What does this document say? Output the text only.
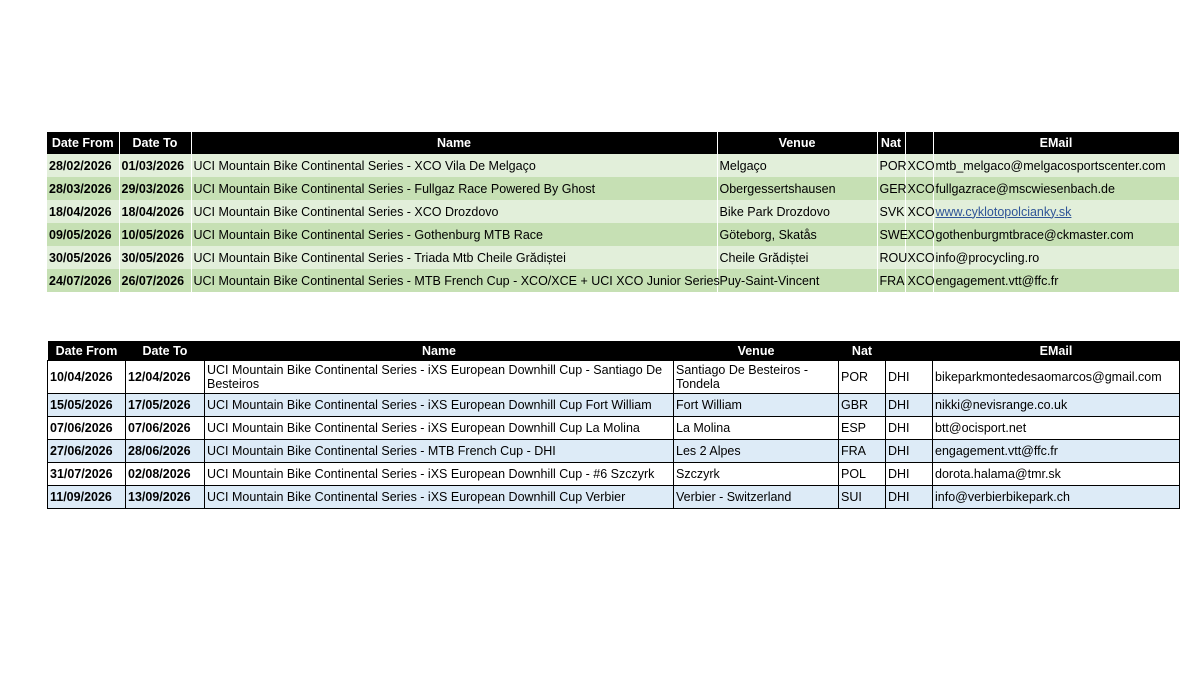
Date From	Date To	Name	Venue	Nat		EMail
28/02/2026	01/03/2026	UCI Mountain Bike Continental Series - XCO Vila De Melgaço	Melgaço	POR	XCO	mtb_melgaco@melgacosportscenter.com
28/03/2026	29/03/2026	UCI Mountain Bike Continental Series - Fullgaz Race Powered By Ghost	Obergessertshausen	GER	XCO	fullgazrace@mscwiesenbach.de
18/04/2026	18/04/2026	UCI Mountain Bike Continental Series - XCO Drozdovo	Bike Park Drozdovo	SVK	XCO	www.cyklotopolcianky.sk
09/05/2026	10/05/2026	UCI Mountain Bike Continental Series - Gothenburg MTB Race	Göteborg, Skatås	SWE	XCO	gothenburgmtbrace@ckmaster.com
30/05/2026	30/05/2026	UCI Mountain Bike Continental Series - Triada Mtb Cheile Grădiștei	Cheile Grădiștei	ROU	XCO	info@procycling.ro
24/07/2026	26/07/2026	UCI Mountain Bike Continental Series - MTB French Cup - XCO/XCE + UCI XCO Junior Series	Puy-Saint-Vincent	FRA	XCO	engagement.vtt@ffc.fr
Date From	Date To	Name	Venue	Nat		EMail
10/04/2026	12/04/2026	UCI Mountain Bike Continental Series - iXS European Downhill Cup - Santiago De Besteiros	Santiago De Besteiros - Tondela	POR	DHI	bikeparkmontedesaomarcos@gmail.com
15/05/2026	17/05/2026	UCI Mountain Bike Continental Series - iXS European Downhill Cup Fort William	Fort William	GBR	DHI	nikki@nevisrange.co.uk
07/06/2026	07/06/2026	UCI Mountain Bike Continental Series - iXS European Downhill Cup La Molina	La Molina	ESP	DHI	btt@ocisport.net
27/06/2026	28/06/2026	UCI Mountain Bike Continental Series - MTB French Cup - DHI	Les 2 Alpes	FRA	DHI	engagement.vtt@ffc.fr
31/07/2026	02/08/2026	UCI Mountain Bike Continental Series - iXS European Downhill Cup - #6 Szczyrk	Szczyrk	POL	DHI	dorota.halama@tmr.sk
11/09/2026	13/09/2026	UCI Mountain Bike Continental Series - iXS European Downhill Cup Verbier	Verbier - Switzerland	SUI	DHI	info@verbierbikepark.ch
